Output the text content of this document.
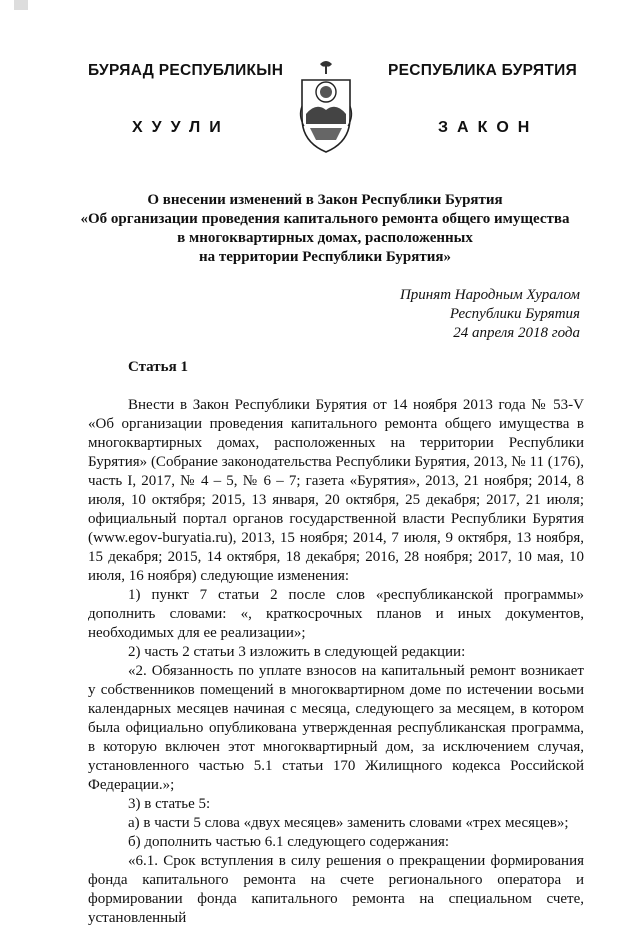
БУРЯАД РЕСПУБЛИКЫН
ХУУЛИ
РЕСПУБЛИКА БУРЯТИЯ
ЗАКОН
О внесении изменений в Закон Республики Бурятия
«Об организации проведения капитального ремонта общего имущества
в многоквартирных домах, расположенных
на территории Республики Бурятия»
Принят Народным Хуралом
Республики Бурятия
24 апреля 2018 года
Статья 1

Внести в Закон Республики Бурятия от 14 ноября 2013 года № 53-V «Об организации проведения капитального ремонта общего имущества в многоквартирных домах, расположенных на территории Республики Бурятия» (Собрание законодательства Республики Бурятия, 2013, № 11 (176), часть I, 2017, № 4 – 5, № 6 – 7; газета «Бурятия», 2013, 21 ноября; 2014, 8 июля, 10 октября; 2015, 13 января, 20 октября, 25 декабря; 2017, 21 июля; официальный портал органов государственной власти Республики Бурятия (www.egov-buryatia.ru), 2013, 15 ноября; 2014, 7 июля, 9 октября, 13 ноября, 15 декабря; 2015, 14 октября, 18 декабря; 2016, 28 ноября; 2017, 10 мая, 10 июля, 16 ноября) следующие изменения:

1) пункт 7 статьи 2 после слов «республиканской программы» дополнить словами: «, краткосрочных планов и иных документов, необходимых для ее реализации»;

2) часть 2 статьи 3 изложить в следующей редакции:

«2. Обязанность по уплате взносов на капитальный ремонт возникает у собственников помещений в многоквартирном доме по истечении восьми календарных месяцев начиная с месяца, следующего за месяцем, в котором была официально опубликована утвержденная республиканская программа, в которую включен этот многоквартирный дом, за исключением случая, установленного частью 5.1 статьи 170 Жилищного кодекса Российской Федерации.»;

3) в статье 5:

а) в части 5 слова «двух месяцев» заменить словами «трех месяцев»;

б) дополнить частью 6.1 следующего содержания:

«6.1. Срок вступления в силу решения о прекращении формирования фонда капитального ремонта на счете регионального оператора и формировании фонда капитального ремонта на специальном счете, установленный
